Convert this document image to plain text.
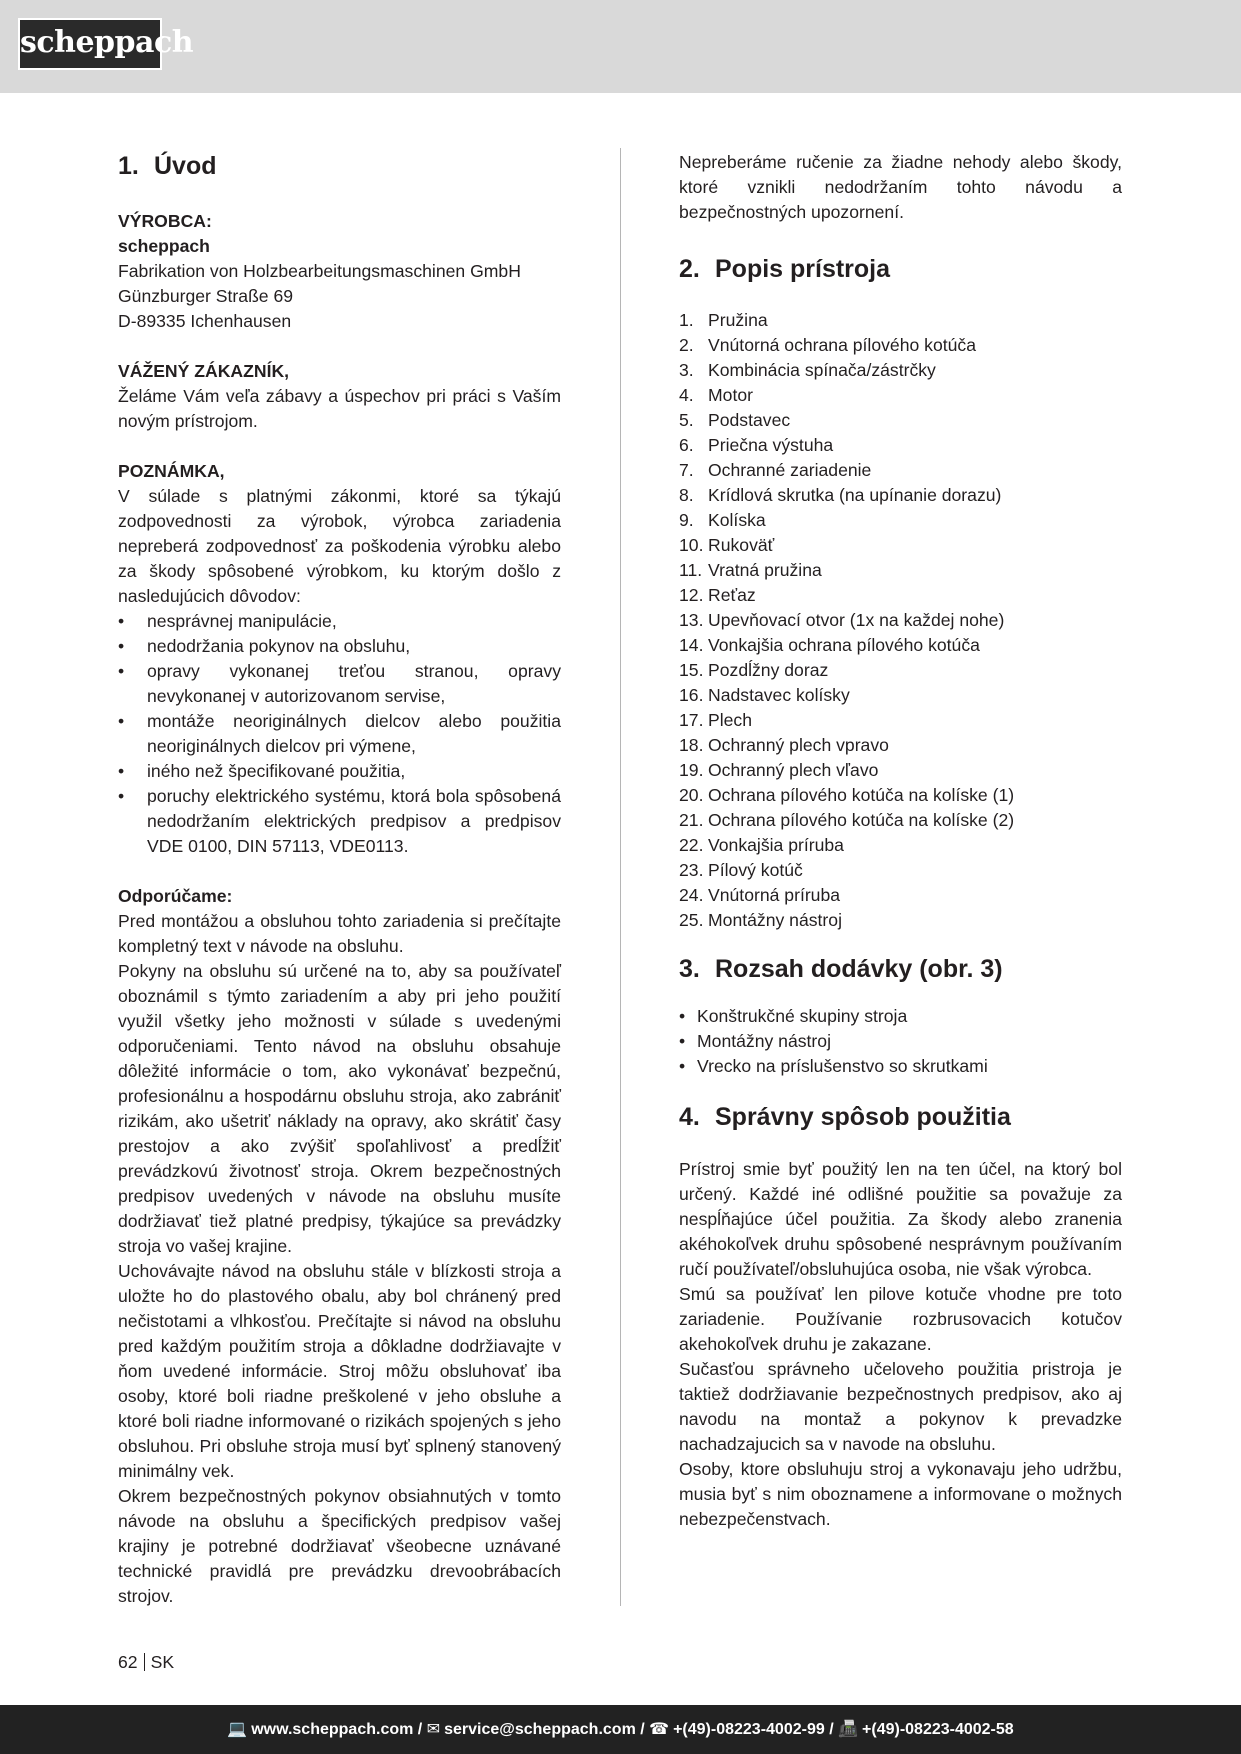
scheppach
1. Úvod

VÝROBCA:

scheppach

Fabrikation von Holzbearbeitungsmaschinen GmbH

Günzburger Straße 69

D-89335 Ichenhausen

VÁŽENÝ ZÁKAZNÍK,

Želáme Vám veľa zábavy a úspechov pri práci s Vaším novým prístrojom.

POZNÁMKA,

V súlade s platnými zákonmi, ktoré sa týkajú zodpovednosti za výrobok, výrobca zariadenia nepreberá zodpovednosť za poškodenia výrobku alebo za škody spôsobené výrobkom, ku ktorým došlo z nasledujúcich dôvodov:

• nesprávnej manipulácie,
• nedodržania pokynov na obsluhu,
• opravy vykonanej treťou stranou, opravy nevykonanej v autorizovanom servise,
• montáže neoriginálnych dielcov alebo použitia neoriginálnych dielcov pri výmene,
• iného než špecifikované použitia,
• poruchy elektrického systému, ktorá bola spôsobená nedodržaním elektrických predpisov a predpisov VDE 0100, DIN 57113, VDE0113.

Odporúčame:

Pred montážou a obsluhou tohto zariadenia si prečítajte kompletný text v návode na obsluhu.

Pokyny na obsluhu sú určené na to, aby sa používateľ oboznámil s týmto zariadením a aby pri jeho použití využil všetky jeho možnosti v súlade s uvedenými odporučeniami. Tento návod na obsluhu obsahuje dôležité informácie o tom, ako vykonávať bezpečnú, profesionálnu a hospodárnu obsluhu stroja, ako zabrániť rizikám, ako ušetriť náklady na opravy, ako skrátiť časy prestojov a ako zvýšiť spoľahlivosť a predĺžiť prevádzkovú životnosť stroja. Okrem bezpečnostných predpisov uvedených v návode na obsluhu musíte dodržiavať tiež platné predpisy, týkajúce sa prevádzky stroja vo vašej krajine.

Uchovávajte návod na obsluhu stále v blízkosti stroja a uložte ho do plastového obalu, aby bol chránený pred nečistotami a vlhkosťou. Prečítajte si návod na obsluhu pred každým použitím stroja a dôkladne dodržiavajte v ňom uvedené informácie. Stroj môžu obsluhovať iba osoby, ktoré boli riadne preškolené v jeho obsluhe a ktoré boli riadne informované o rizikách spojených s jeho obsluhou. Pri obsluhe stroja musí byť splnený stanovený minimálny vek.

Okrem bezpečnostných pokynov obsiahnutých v tomto návode na obsluhu a špecifických predpisov vašej krajiny je potrebné dodržiavať všeobecne uznávané technické pravidlá pre prevádzku drevoobrábacích strojov.

Nepreberáme ručenie za žiadne nehody alebo škody, ktoré vznikli nedodržaním tohto návodu a bezpečnostných upozornení.

2. Popis prístroja
1. Pružina
2. Vnútorná ochrana pílového kotúča
3. Kombinácia spínača/zástrčky
4. Motor
5. Podstavec
6. Priečna výstuha
7. Ochranné zariadenie
8. Krídlová skrutka (na upínanie dorazu)
9. Kolíska
10. Rukoväť
11. Vratná pružina
12. Reťaz
13. Upevňovací otvor (1x na každej nohe)
14. Vonkajšia ochrana pílového kotúča
15. Pozdĺžny doraz
16. Nadstavec kolísky
17. Plech
18. Ochranný plech vpravo
19. Ochranný plech vľavo
20. Ochrana pílového kotúča na kolíske (1)
21. Ochrana pílového kotúča na kolíske (2)
22. Vonkajšia príruba
23. Pílový kotúč
24. Vnútorná príruba
25. Montážny nástroj
3. Rozsah dodávky (obr. 3)
• Konštrukčné skupiny stroja
• Montážny nástroj
• Vrecko na príslušenstvo so skrutkami
4. Správny spôsob použitia

Prístroj smie byť použitý len na ten účel, na ktorý bol určený. Každé iné odlišné použitie sa považuje za nespĺňajúce účel použitia. Za škody alebo zranenia akéhokoľvek druhu spôsobené nesprávnym používaním ručí používateľ/obsluhujúca osoba, nie však výrobca.

Smú sa používať len pilove kotuče vhodne pre toto zariadenie. Používanie rozbrusovacich kotučov akehokoľvek druhu je zakazane.

Sučasťou správneho učeloveho použitia pristroja je taktiež dodržiavanie bezpečnostnych predpisov, ako aj navodu na montaž a pokynov k prevadzke nachadzajucich sa v navode na obsluhu.

Osoby, ktore obsluhuju stroj a vykonavaju jeho udržbu, musia byť s nim oboznamene a informovane o možnych nebezpečenstvach.

62 SK
💻 www.scheppach.com / ✉ service@scheppach.com / ☎ +(49)-08223-4002-99 / 📠 +(49)-08223-4002-58
